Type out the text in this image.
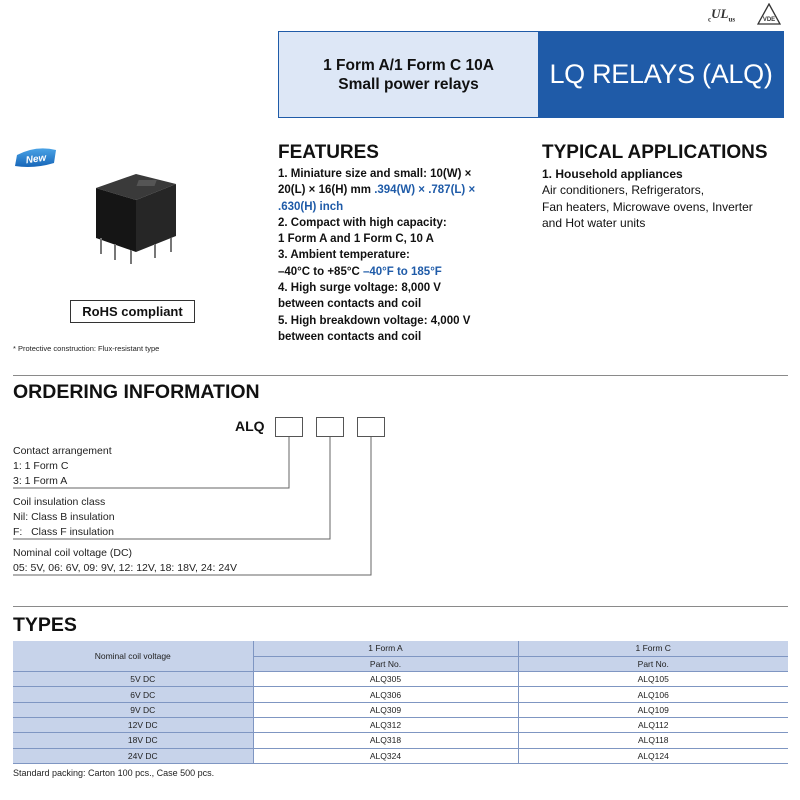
$_cUL_{us}$	VDE
1 Form A/1 Form C 10A
Small power relays	LQ RELAYS (ALQ)
New
RoHS compliant
* Protective construction: Flux-resistant type
FEATURES
1. Miniature size and small: 10(W) ×
20(L) × 16(H) mm .394(W) × .787(L) ×
.630(H) inch
2. Compact with high capacity:
1 Form A and 1 Form C, 10 A
3. Ambient temperature:
–40°C to +85°C –40°F to 185°F
4. High surge voltage: 8,000 V
between contacts and coil
5. High breakdown voltage: 4,000 V
between contacts and coil
TYPICAL APPLICATIONS
1. Household appliances
Air conditioners, Refrigerators,
Fan heaters, Microwave ovens, Inverter
and Hot water units
ORDERING INFORMATION
ALQ
Contact arrangement
1: 1 Form C
3: 1 Form A
Coil insulation class
Nil: Class B insulation
F:   Class F insulation
Nominal coil voltage (DC)
05: 5V, 06: 6V, 09: 9V, 12: 12V, 18: 18V, 24: 24V
TYPES
Nominal coil voltage	1 Form A	1 Form C
	Part No.	Part No.
5V DC	ALQ305	ALQ105
6V DC	ALQ306	ALQ106
9V DC	ALQ309	ALQ109
12V DC	ALQ312	ALQ112
18V DC	ALQ318	ALQ118
24V DC	ALQ324	ALQ124
Standard packing: Carton 100 pcs., Case 500 pcs.
